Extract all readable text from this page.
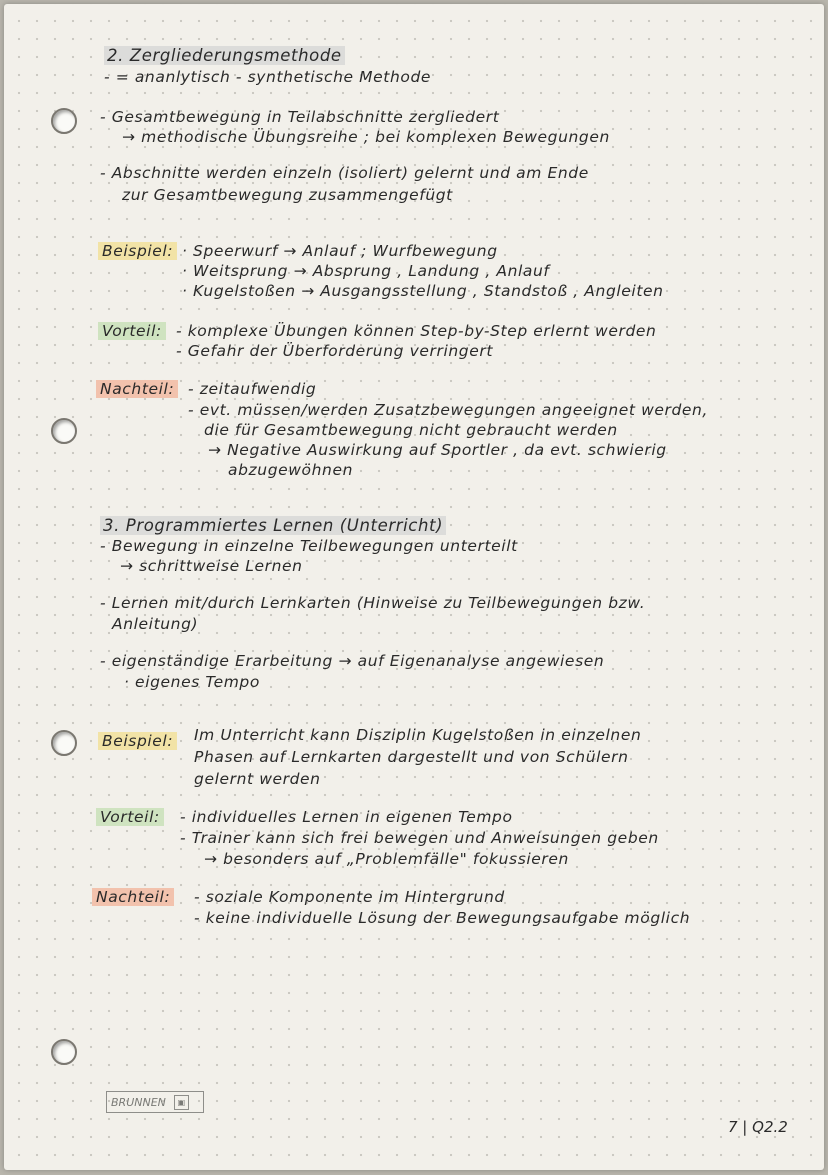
2. Zergliederungsmethode
- = ananlytisch - synthetische Methode
- Gesamtbewegung in Teilabschnitte zergliedert
→ methodische Übungsreihe ; bei komplexen Bewegungen
- Abschnitte werden einzeln (isoliert) gelernt und am Ende
zur Gesamtbewegung zusammengefügt
Beispiel: · Speerwurf → Anlauf ; Wurfbewegung
· Weitsprung → Absprung , Landung , Anlauf
· Kugelstoßen → Ausgangsstellung , Standstoß , Angleiten
Vorteil: - komplexe Übungen können Step-by-Step erlernt werden
- Gefahr der Überforderung verringert
Nachteil: - zeitaufwendig
- evt. müssen/werden Zusatzbewegungen angeeignet werden,
die für Gesamtbewegung nicht gebraucht werden
→ Negative Auswirkung auf Sportler , da evt. schwierig
abzugewöhnen
3. Programmiertes Lernen (Unterricht)
- Bewegung in einzelne Teilbewegungen unterteilt
→ schrittweise Lernen
- Lernen mit/durch Lernkarten (Hinweise zu Teilbewegungen bzw.
Anleitung)
- eigenständige Erarbeitung → auf Eigenanalyse angewiesen
· eigenes Tempo
Beispiel: Im Unterricht kann Disziplin Kugelstoßen in einzelnen
Phasen auf Lernkarten dargestellt und von Schülern
gelernt werden
Vorteil: - individuelles Lernen in eigenen Tempo
- Trainer kann sich frei bewegen und Anweisungen geben
→ besonders auf „Problemfälle" fokussieren
Nachteil: - soziale Komponente im Hintergrund
- keine individuelle Lösung der Bewegungsaufgabe möglich
BRUNNEN	▣
7 | Q2.2
